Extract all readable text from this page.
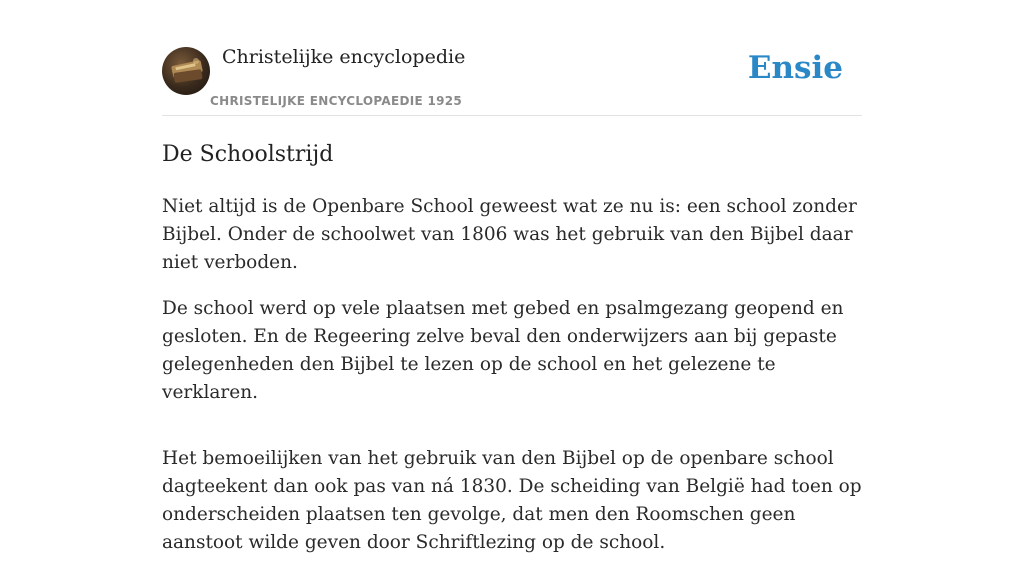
Christelijke encyclopedie
CHRISTELIJKE ENCYCLOPAEDIE 1925
Ensie
De Schoolstrijd

Niet altijd is de Openbare School geweest wat ze nu is: een school zonder Bijbel. Onder de schoolwet van 1806 was het gebruik van den Bijbel daar niet verboden.

De school werd op vele plaatsen met gebed en psalmgezang geopend en gesloten. En de Regeering zelve beval den onderwijzers aan bij gepaste gelegenheden den Bijbel te lezen op de school en het gelezene te verklaren.

Het bemoeilijken van het gebruik van den Bijbel op de openbare school dagteekent dan ook pas van ná 1830. De scheiding van België had toen op onderscheiden plaatsen ten gevolge, dat men den Roomschen geen aanstoot wilde geven door Schriftlezing op de school.
